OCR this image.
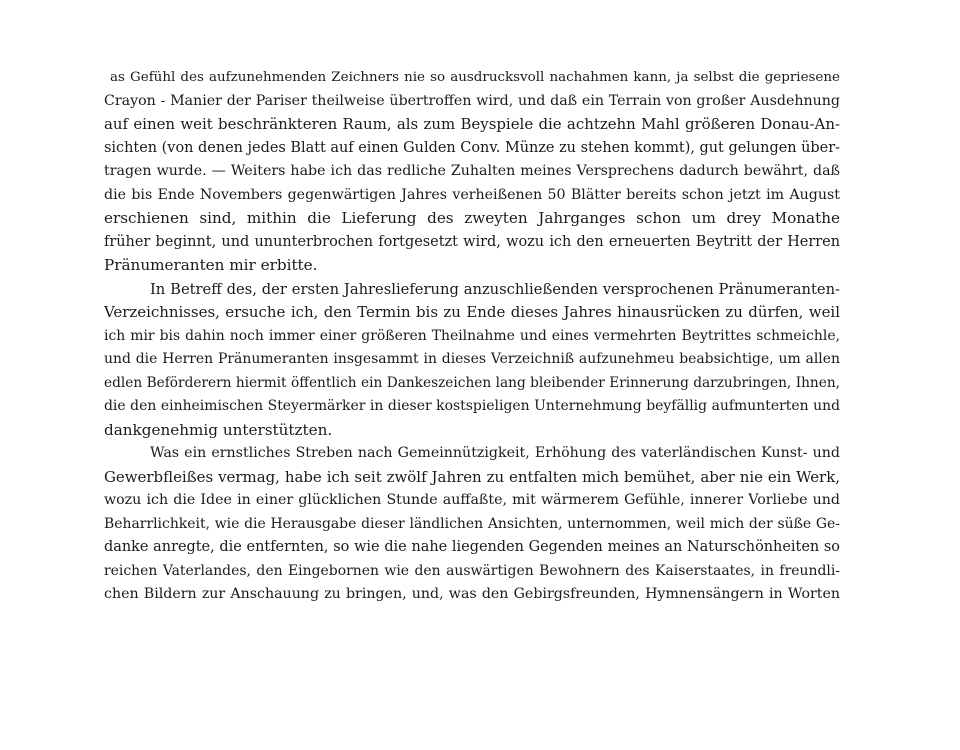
as Gefühl des aufzunehmenden Zeichners nie so ausdrucksvoll nachahmen kann, ja selbst die gepriesene
Crayon - Manier der Pariser theilweise übertroffen wird, und daß ein Terrain von großer Ausdehnung
auf einen weit beschränkteren Raum, als zum Beyspiele die achtzehn Mahl größeren Donau-An-
sichten (von denen jedes Blatt auf einen Gulden Conv. Münze zu stehen kommt), gut gelungen über-
tragen wurde. — Weiters habe ich das redliche Zuhalten meines Versprechens dadurch bewährt, daß
die bis Ende Novembers gegenwärtigen Jahres verheißenen 50 Blätter bereits schon jetzt im August
erschienen sind, mithin die Lieferung des zweyten Jahrganges schon um drey Monathe
früher beginnt, und ununterbrochen fortgesetzt wird, wozu ich den erneuerten Beytritt der Herren
Pränumeranten mir erbitte.
In Betreff des, der ersten Jahreslieferung anzuschließenden versprochenen Pränumeranten-
Verzeichnisses, ersuche ich, den Termin bis zu Ende dieses Jahres hinausrücken zu dürfen, weil
ich mir bis dahin noch immer einer größeren Theilnahme und eines vermehrten Beytrittes schmeichle,
und die Herren Pränumeranten insgesammt in dieses Verzeichniß aufzunehmeu beabsichtige, um allen
edlen Beförderern hiermit öffentlich ein Dankeszeichen lang bleibender Erinnerung darzubringen, Ihnen,
die den einheimischen Steyermärker in dieser kostspieligen Unternehmung beyfällig aufmunterten und
dankgenehmig unterstützten.
Was ein ernstliches Streben nach Gemeinnützigkeit, Erhöhung des vaterländischen Kunst- und
Gewerbfleißes vermag, habe ich seit zwölf Jahren zu entfalten mich bemühet, aber nie ein Werk,
wozu ich die Idee in einer glücklichen Stunde auffaßte, mit wärmerem Gefühle, innerer Vorliebe und
Beharrlichkeit, wie die Herausgabe dieser ländlichen Ansichten, unternommen, weil mich der süße Ge-
danke anregte, die entfernten, so wie die nahe liegenden Gegenden meines an Naturschönheiten so
reichen Vaterlandes, den Eingebornen wie den auswärtigen Bewohnern des Kaiserstaates, in freundli-
chen Bildern zur Anschauung zu bringen, und, was den Gebirgsfreunden, Hymnensängern in Worten
